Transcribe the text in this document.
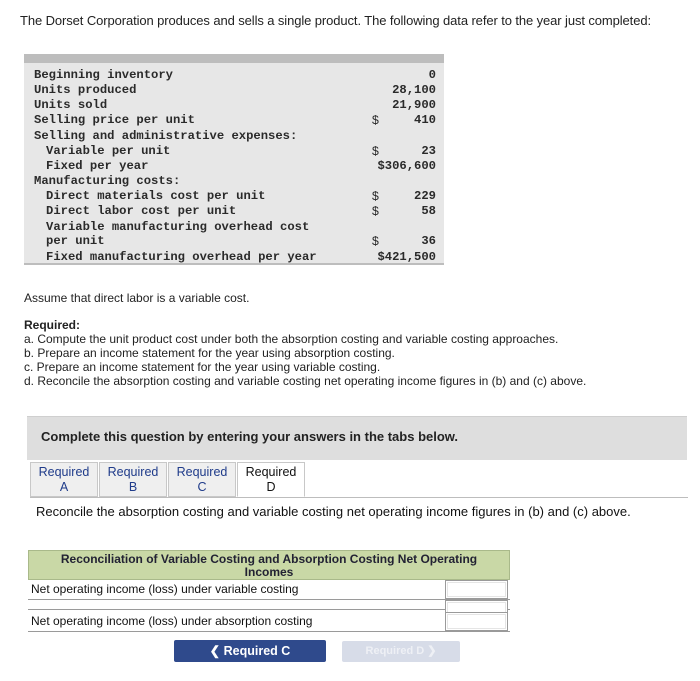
The Dorset Corporation produces and sells a single product. The following data refer to the year just completed:
Beginning inventory	0
Units produced	28,100
Units sold	21,900
Selling price per unit	$	410
Selling and administrative expenses:
Variable per unit	$	23
Fixed per year	$306,600
Manufacturing costs:
Direct materials cost per unit	$	229
Direct labor cost per unit	$	58
Variable manufacturing overhead cost
per unit	$	36
Fixed manufacturing overhead per year	$421,500
Assume that direct labor is a variable cost.
Required:
a. Compute the unit product cost under both the absorption costing and variable costing approaches.
b. Prepare an income statement for the year using absorption costing.
c. Prepare an income statement for the year using variable costing.
d. Reconcile the absorption costing and variable costing net operating income figures in (b) and (c) above.
Complete this question by entering your answers in the tabs below.
Required
A
Required
B
Required
C
Required
D
Reconcile the absorption costing and variable costing net operating income figures in (b) and (c) above.
Reconciliation of Variable Costing and Absorption Costing Net Operating
Incomes
Net operating income (loss) under variable costing
Net operating income (loss) under absorption costing
❮ Required C	Required D ❯
